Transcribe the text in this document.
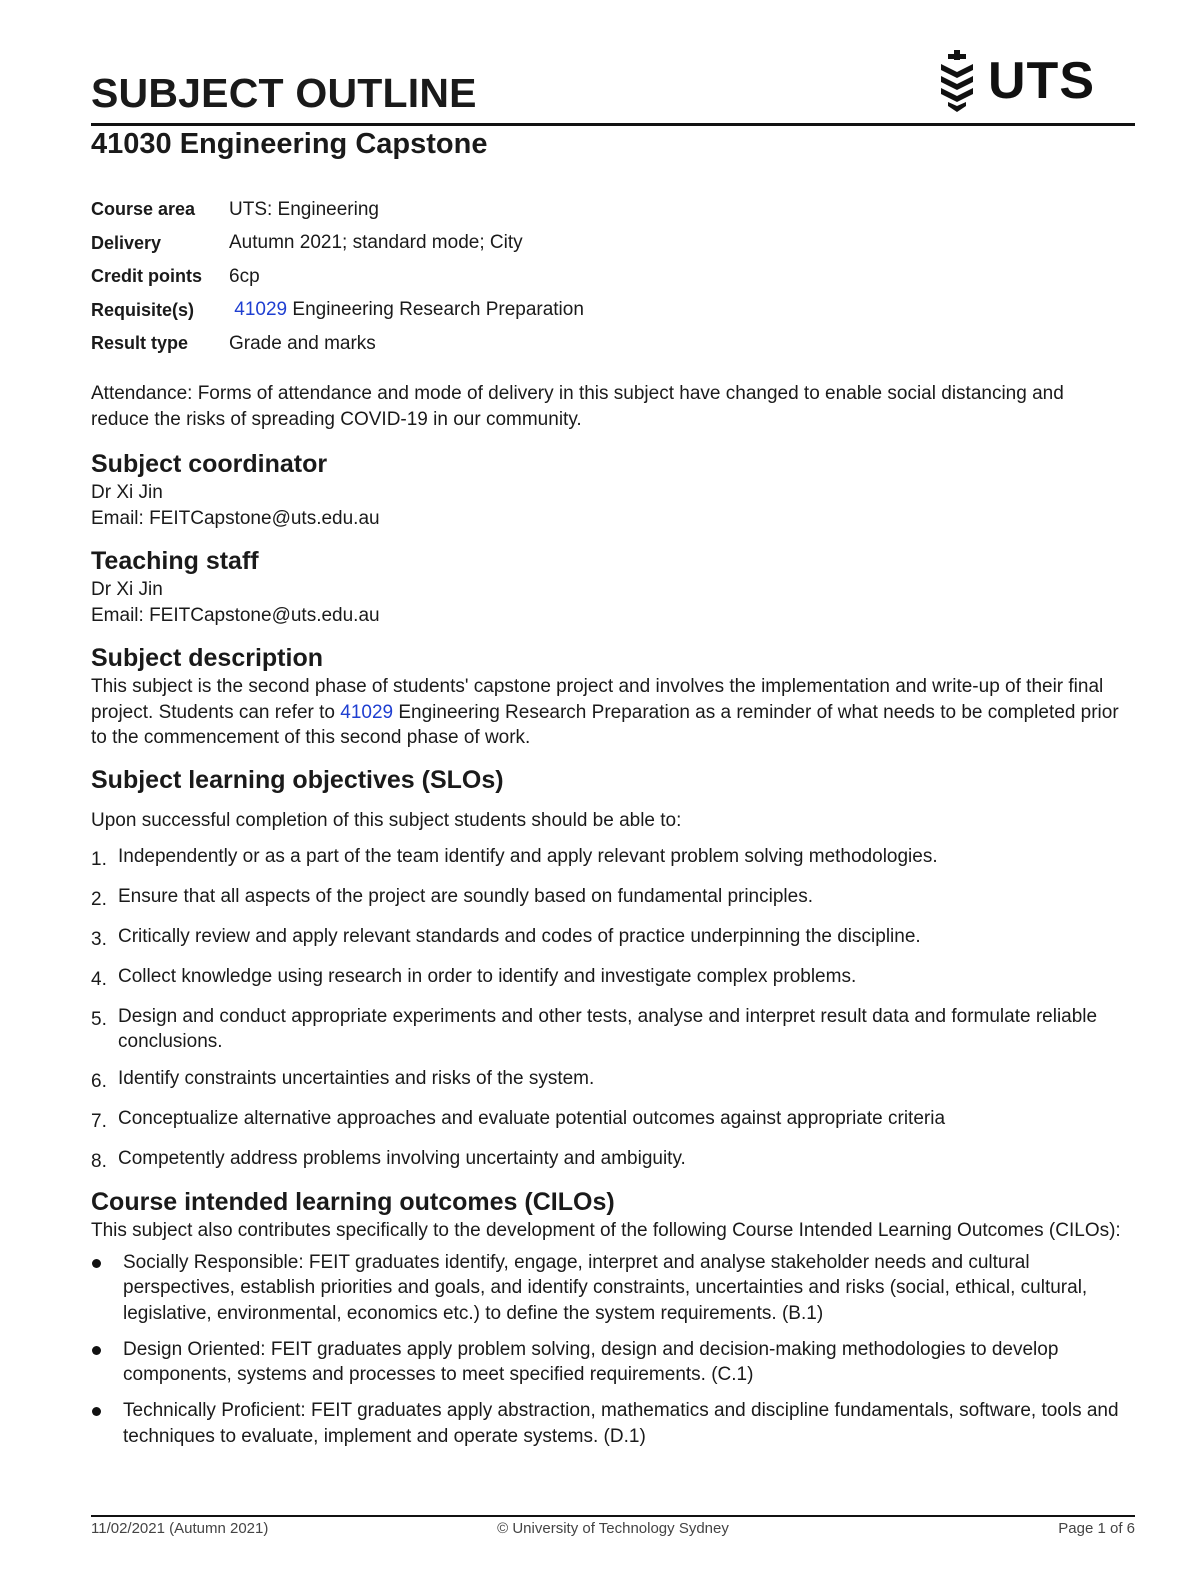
SUBJECT OUTLINE	UTS
41030 Engineering Capstone
Course area	UTS: Engineering
Delivery	Autumn 2021; standard mode; City
Credit points	6cp
Requisite(s)	41029 Engineering Research Preparation
Result type	Grade and marks

Attendance: Forms of attendance and mode of delivery in this subject have changed to enable social distancing and reduce the risks of spreading COVID-19 in our community.

Subject coordinator

Dr Xi Jin

Email: FEITCapstone@uts.edu.au

Teaching staff

Dr Xi Jin

Email: FEITCapstone@uts.edu.au

Subject description

This subject is the second phase of students' capstone project and involves the implementation and write-up of their final project. Students can refer to 41029 Engineering Research Preparation as a reminder of what needs to be completed prior to the commencement of this second phase of work.

Subject learning objectives (SLOs)

Upon successful completion of this subject students should be able to:

1. Independently or as a part of the team identify and apply relevant problem solving methodologies.
2. Ensure that all aspects of the project are soundly based on fundamental principles.
3. Critically review and apply relevant standards and codes of practice underpinning the discipline.
4. Collect knowledge using research in order to identify and investigate complex problems.
5. Design and conduct appropriate experiments and other tests, analyse and interpret result data and formulate reliable conclusions.
6. Identify constraints uncertainties and risks of the system.
7. Conceptualize alternative approaches and evaluate potential outcomes against appropriate criteria
8. Competently address problems involving uncertainty and ambiguity.
Course intended learning outcomes (CILOs)

This subject also contributes specifically to the development of the following Course Intended Learning Outcomes (CILOs):

Socially Responsible: FEIT graduates identify, engage, interpret and analyse stakeholder needs and cultural perspectives, establish priorities and goals, and identify constraints, uncertainties and risks (social, ethical, cultural, legislative, environmental, economics etc.) to define the system requirements. (B.1)
Design Oriented: FEIT graduates apply problem solving, design and decision-making methodologies to develop components, systems and processes to meet specified requirements. (C.1)
Technically Proficient: FEIT graduates apply abstraction, mathematics and discipline fundamentals, software, tools and techniques to evaluate, implement and operate systems. (D.1)
11/02/2021 (Autumn 2021)	© University of Technology Sydney	Page 1 of 6
